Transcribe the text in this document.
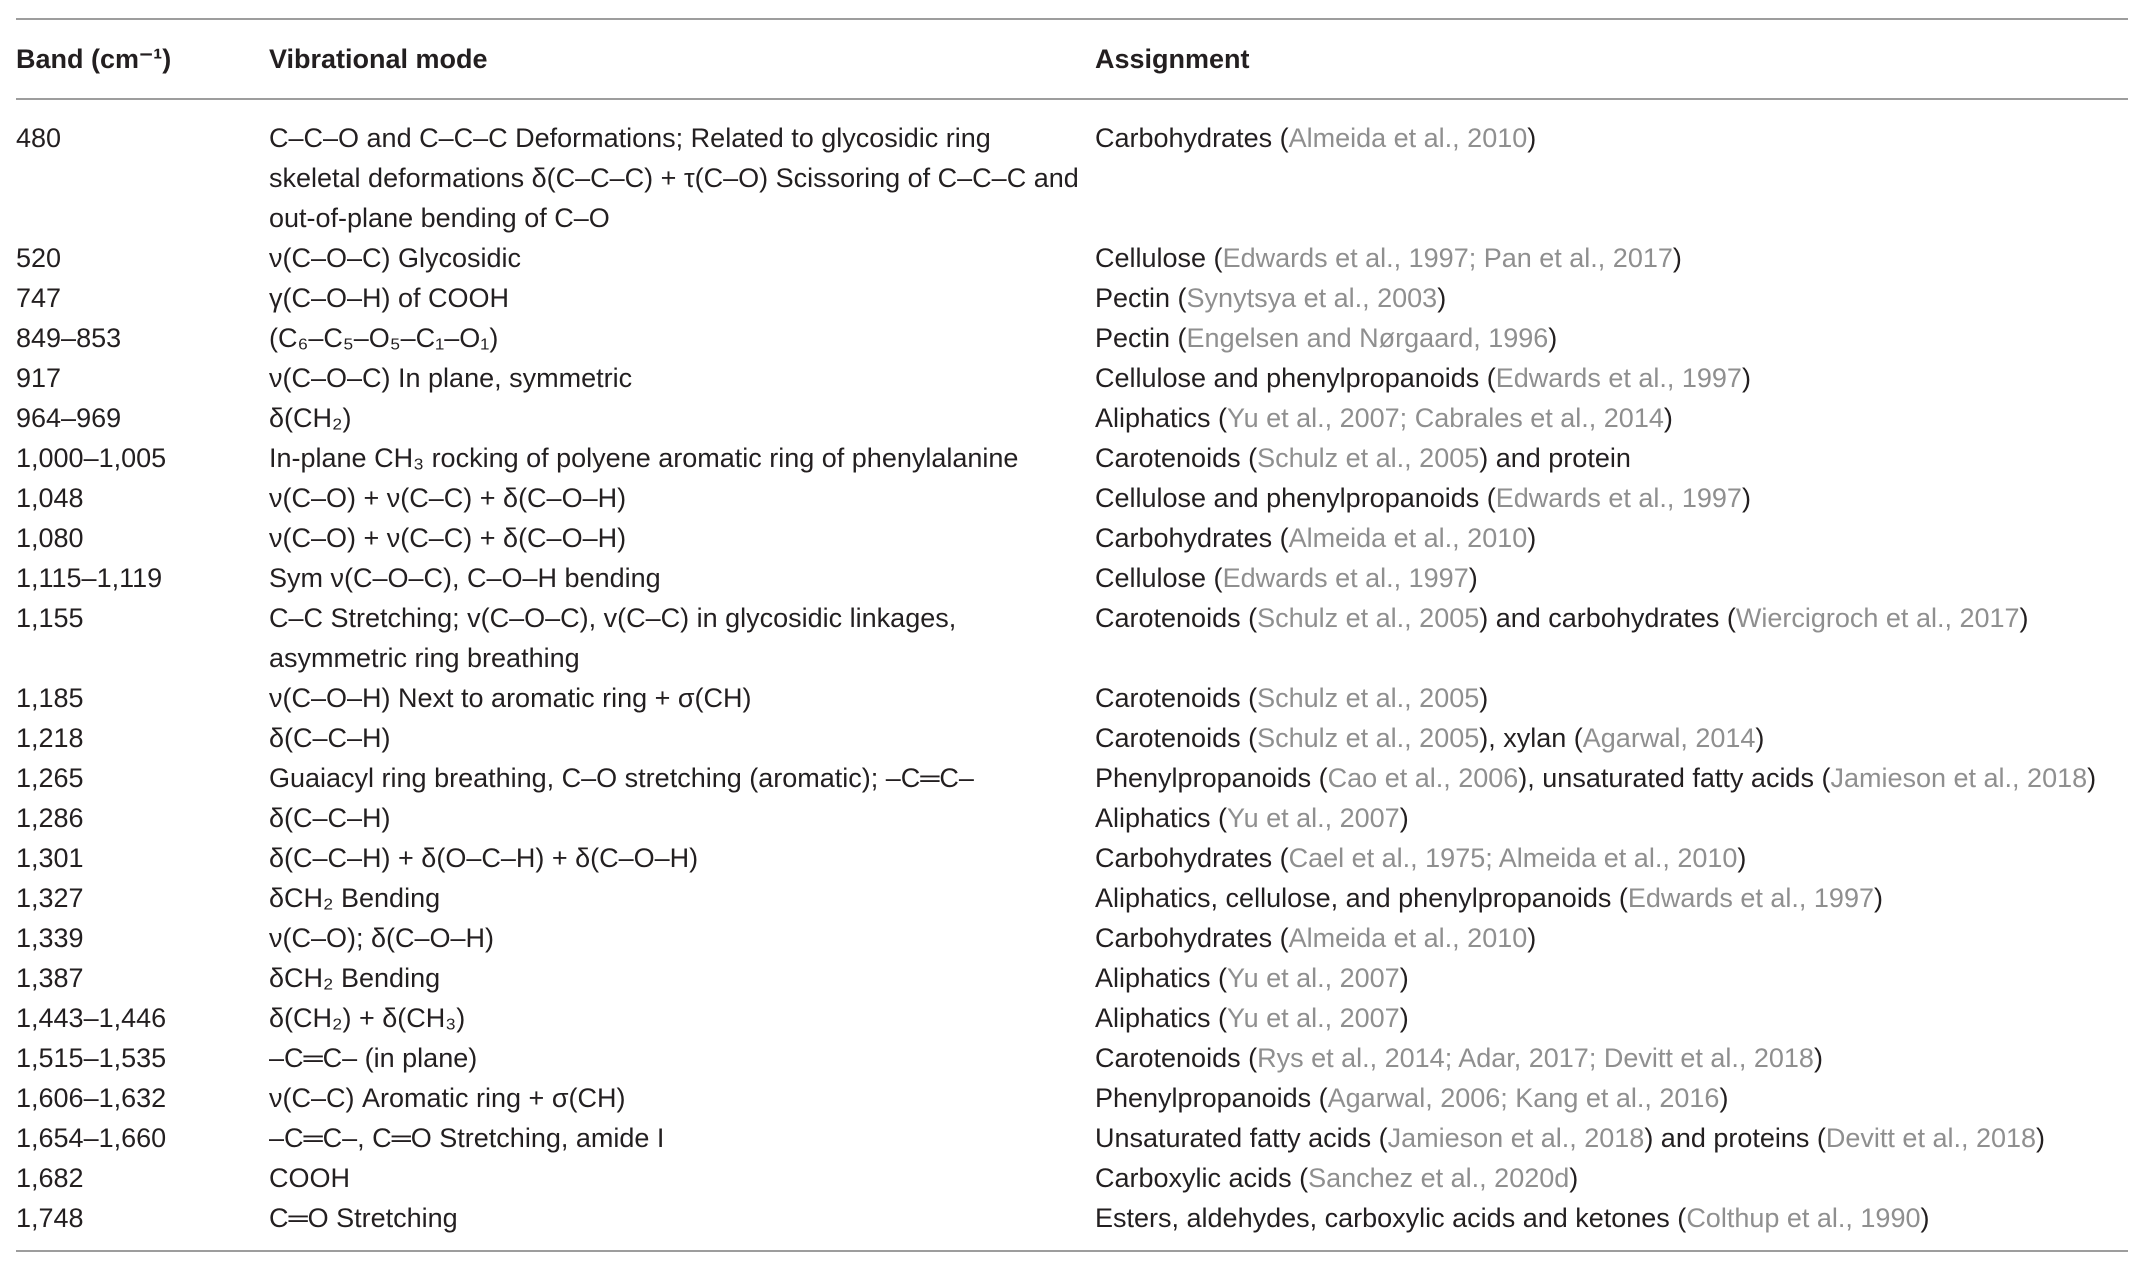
Band (cm⁻¹)	Vibrational mode	Assignment
480	C–C–O and C–C–C Deformations; Related to glycosidic ring skeletal deformations δ(C–C–C) + τ(C–O) Scissoring of C–C–C and out-of-plane bending of C–O	Carbohydrates (Almeida et al., 2010)
520	ν(C–O–C) Glycosidic	Cellulose (Edwards et al., 1997; Pan et al., 2017)
747	γ(C–O–H) of COOH	Pectin (Synytsya et al., 2003)
849–853	(C₆–C₅–O₅–C₁–O₁)	Pectin (Engelsen and Nørgaard, 1996)
917	ν(C–O–C) In plane, symmetric	Cellulose and phenylpropanoids (Edwards et al., 1997)
964–969	δ(CH₂)	Aliphatics (Yu et al., 2007; Cabrales et al., 2014)
1,000–1,005	In-plane CH₃ rocking of polyene aromatic ring of phenylalanine	Carotenoids (Schulz et al., 2005) and protein
1,048	ν(C–O) + ν(C–C) + δ(C–O–H)	Cellulose and phenylpropanoids (Edwards et al., 1997)
1,080	ν(C–O) + ν(C–C) + δ(C–O–H)	Carbohydrates (Almeida et al., 2010)
1,115–1,119	Sym ν(C–O–C), C–O–H bending	Cellulose (Edwards et al., 1997)
1,155	C–C Stretching; v(C–O–C), v(C–C) in glycosidic linkages, asymmetric ring breathing	Carotenoids (Schulz et al., 2005) and carbohydrates (Wiercigroch et al., 2017)
1,185	ν(C–O–H) Next to aromatic ring + σ(CH)	Carotenoids (Schulz et al., 2005)
1,218	δ(C–C–H)	Carotenoids (Schulz et al., 2005), xylan (Agarwal, 2014)
1,265	Guaiacyl ring breathing, C–O stretching (aromatic); –C═C–	Phenylpropanoids (Cao et al., 2006), unsaturated fatty acids (Jamieson et al., 2018)
1,286	δ(C–C–H)	Aliphatics (Yu et al., 2007)
1,301	δ(C–C–H) + δ(O–C–H) + δ(C–O–H)	Carbohydrates (Cael et al., 1975; Almeida et al., 2010)
1,327	δCH₂ Bending	Aliphatics, cellulose, and phenylpropanoids (Edwards et al., 1997)
1,339	ν(C–O); δ(C–O–H)	Carbohydrates (Almeida et al., 2010)
1,387	δCH₂ Bending	Aliphatics (Yu et al., 2007)
1,443–1,446	δ(CH₂) + δ(CH₃)	Aliphatics (Yu et al., 2007)
1,515–1,535	–C═C– (in plane)	Carotenoids (Rys et al., 2014; Adar, 2017; Devitt et al., 2018)
1,606–1,632	ν(C–C) Aromatic ring + σ(CH)	Phenylpropanoids (Agarwal, 2006; Kang et al., 2016)
1,654–1,660	–C═C–, C═O Stretching, amide I	Unsaturated fatty acids (Jamieson et al., 2018) and proteins (Devitt et al., 2018)
1,682	COOH	Carboxylic acids (Sanchez et al., 2020d)
1,748	C═O Stretching	Esters, aldehydes, carboxylic acids and ketones (Colthup et al., 1990)
